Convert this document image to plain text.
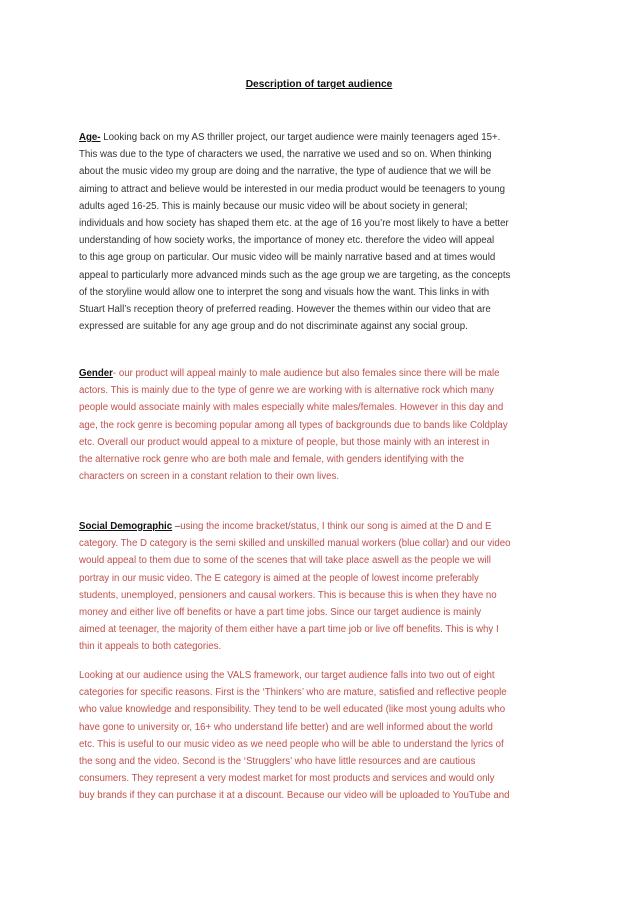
Description of target audience
Age- Looking back on my AS thriller project, our target audience were mainly teenagers aged 15+.
This was due to the type of characters we used, the narrative we used and so on. When thinking
about the music video my group are doing and the narrative, the type of audience that we will be
aiming to attract and believe would be interested in our media product would be teenagers to young
adults aged 16-25. This is mainly because our music video will be about society in general;
individuals and how society has shaped them etc. at the age of 16 you’re most likely to have a better
understanding of how society works, the importance of money etc. therefore the video will appeal
to this age group on particular. Our music video will be mainly narrative based and at times would
appeal to particularly more advanced minds such as the age group we are targeting, as the concepts
of the storyline would allow one to interpret the song and visuals how the want. This links in with
Stuart Hall’s reception theory of preferred reading. However the themes within our video that are
expressed are suitable for any age group and do not discriminate against any social group.
Gender- our product will appeal mainly to male audience but also females since there will be male
actors. This is mainly due to the type of genre we are working with is alternative rock which many
people would associate mainly with males especially white males/females. However in this day and
age, the rock genre is becoming popular among all types of backgrounds due to bands like Coldplay
etc. Overall our product would appeal to a mixture of people, but those mainly with an interest in
the alternative rock genre who are both male and female, with genders identifying with the
characters on screen in a constant relation to their own lives.
Social Demographic –using the income bracket/status, I think our song is aimed at the D and E
category. The D category is the semi skilled and unskilled manual workers (blue collar) and our video
would appeal to them due to some of the scenes that will take place aswell as the people we will
portray in our music video. The E category is aimed at the people of lowest income preferably
students, unemployed, pensioners and causal workers. This is because this is when they have no
money and either live off benefits or have a part time jobs. Since our target audience is mainly
aimed at teenager, the majority of them either have a part time job or live off benefits. This is why I
thin it appeals to both categories.
Looking at our audience using the VALS framework, our target audience falls into two out of eight
categories for specific reasons. First is the ‘Thinkers’ who are mature, satisfied and reflective people
who value knowledge and responsibility. They tend to be well educated (like most young adults who
have gone to university or, 16+ who understand life better) and are well informed about the world
etc. This is useful to our music video as we need people who will be able to understand the lyrics of
the song and the video. Second is the ‘Strugglers’ who have little resources and are cautious
consumers. They represent a very modest market for most products and services and would only
buy brands if they can purchase it at a discount. Because our video will be uploaded to YouTube and
